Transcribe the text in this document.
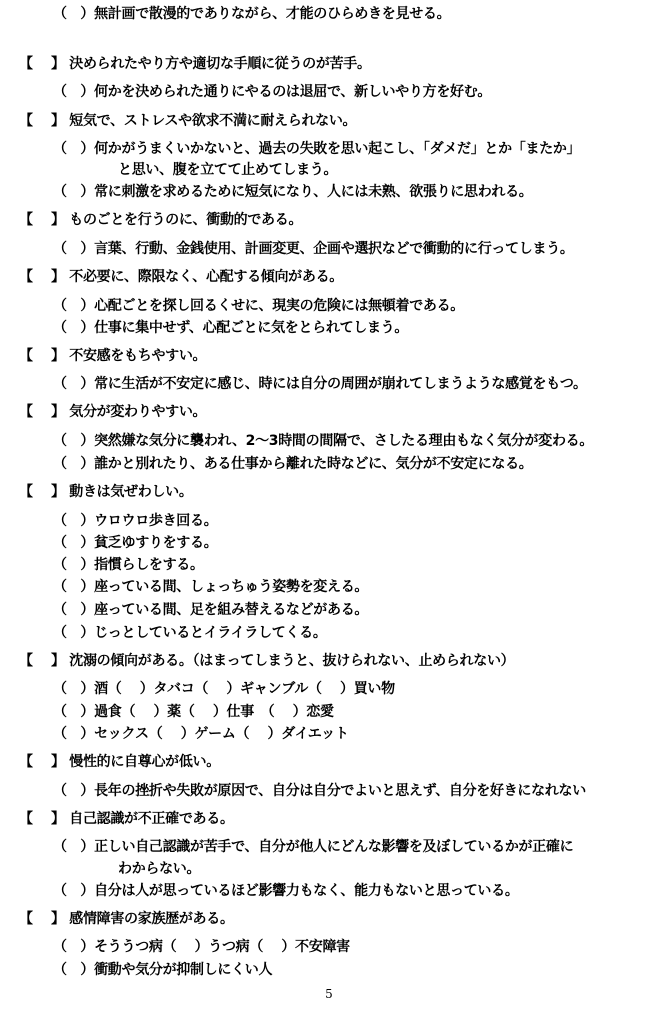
（　）無計画で散漫的でありながら、才能のひらめきを見せる。
【　 】 決められたやり方や適切な手順に従うのが苦手。
（　）何かを決められた通りにやるのは退屈で、新しいやり方を好む。
【　 】 短気で、ストレスや欲求不満に耐えられない。
（　）何かがうまくいかないと、過去の失敗を思い起こし、「ダメだ」とか「またか」
と思い、腹を立てて止めてしまう。
（　）常に刺激を求めるために短気になり、人には未熟、欲張りに思われる。
【　 】 ものごとを行うのに、衝動的である。
（　）言葉、行動、金銭使用、計画変更、企画や選択などで衝動的に行ってしまう。
【　 】 不必要に、際限なく、心配する傾向がある。
（　）心配ごとを探し回るくせに、現実の危険には無頓着である。
（　）仕事に集中せず、心配ごとに気をとられてしまう。
【　 】 不安感をもちやすい。
（　）常に生活が不安定に感じ、時には自分の周囲が崩れてしまうような感覚をもつ。
【　 】 気分が変わりやすい。
（　）突然嫌な気分に襲われ、2～3時間の間隔で、さしたる理由もなく気分が変わる。
（　）誰かと別れたり、ある仕事から離れた時などに、気分が不安定になる。
【　 】 動きは気ぜわしい。
（　）ウロウロ歩き回る。
（　）貧乏ゆすりをする。
（　）指慣らしをする。
（　）座っている間、しょっちゅう姿勢を変える。
（　）座っている間、足を組み替えるなどがある。
（　）じっとしているとイライラしてくる。
【　 】 沈溺の傾向がある。（はまってしまうと、抜けられない、止められない）
（　）酒（　 ）タバコ（　 ）ギャンブル（　 ）買い物
（　）過食（　 ）薬（　 ）仕事　（　 ）恋愛
（　）セックス（　 ）ゲーム（　 ）ダイエット
【　 】 慢性的に自尊心が低い。
（　）長年の挫折や失敗が原因で、自分は自分でよいと思えず、自分を好きになれない
【　 】 自己認識が不正確である。
（　）正しい自己認識が苦手で、自分が他人にどんな影響を及ぼしているかが正確に
わからない。
（　）自分は人が思っているほど影響力もなく、能力もないと思っている。
【　 】 感情障害の家族歴がある。
（　）そううつ病（　 ）うつ病（　 ）不安障害
（　）衝動や気分が抑制しにくい人
5
